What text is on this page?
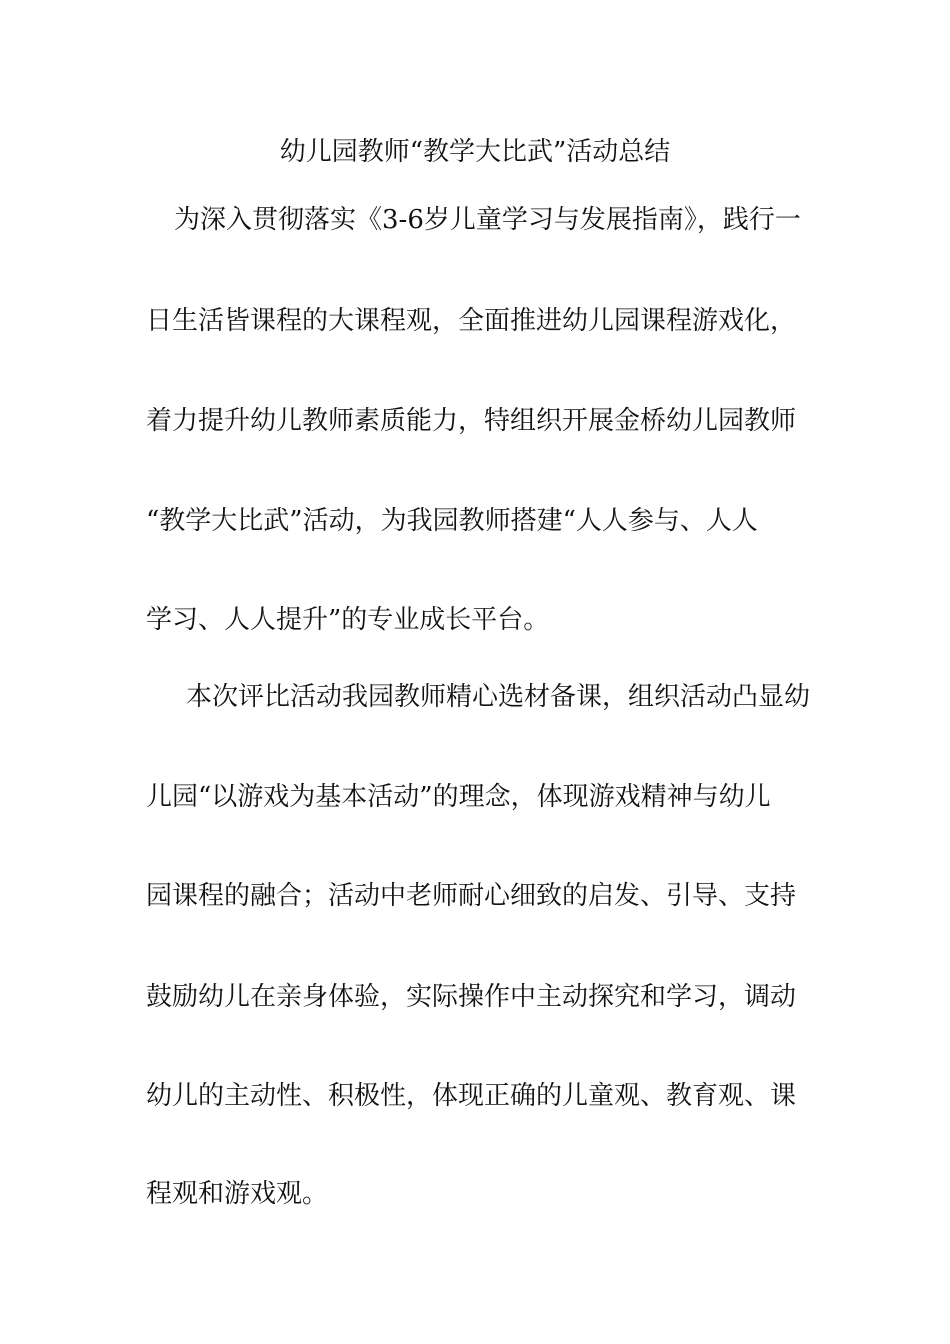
幼儿园教师“教学大比武”活动总结
为深入贯彻落实《3-6岁儿童学习与发展指南》，践行一
日生活皆课程的大课程观，全面推进幼儿园课程游戏化，
着力提升幼儿教师素质能力，特组织开展金桥幼儿园教师
“教学大比武”活动，为我园教师搭建“人人参与、人人
学习、人人提升”的专业成长平台。
本次评比活动我园教师精心选材备课，组织活动凸显幼
儿园“以游戏为基本活动”的理念，体现游戏精神与幼儿
园课程的融合；活动中老师耐心细致的启发、引导、支持
鼓励幼儿在亲身体验，实际操作中主动探究和学习，调动
幼儿的主动性、积极性，体现正确的儿童观、教育观、课
程观和游戏观。
